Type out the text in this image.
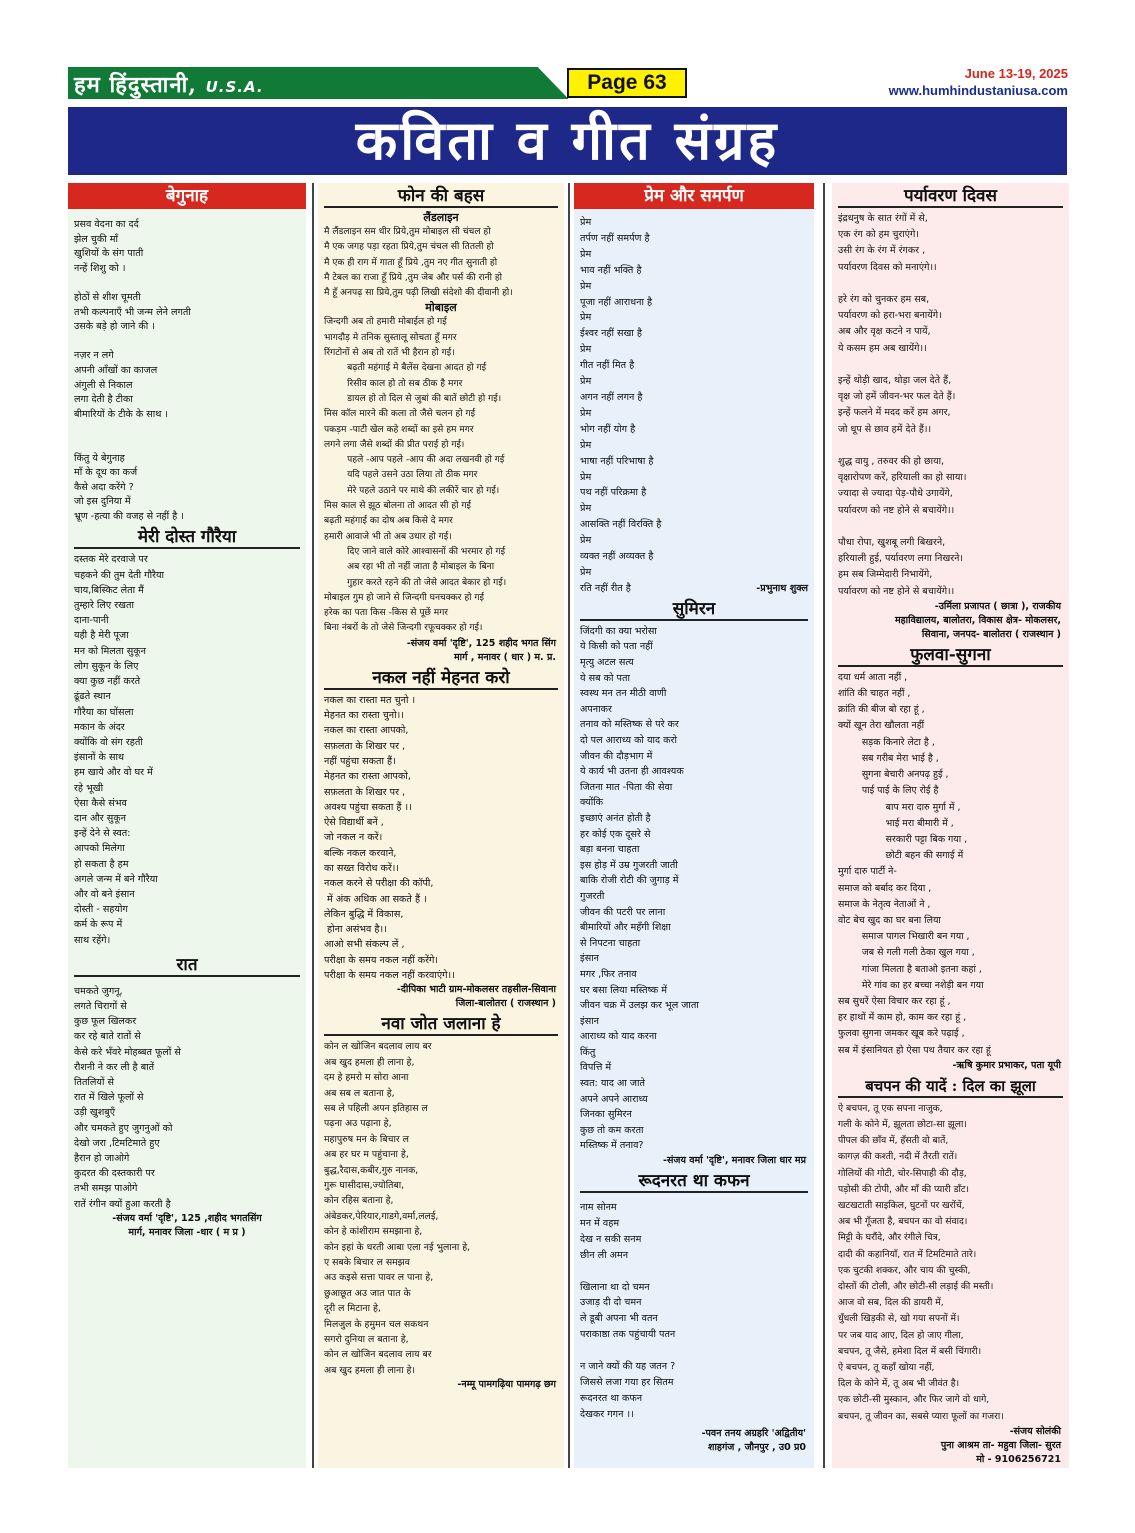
हम हिंदुस्तानी, U.S.A.	Page 63	June 13-19, 2025
www.humhindustaniusa.com
कविता व गीत संग्रह
बेगुनाह
प्रसव वेदना का दर्द
झेल चुकी माँ
खुशियों के संग पाती
नन्हें शिशु को ।

होठों से शीश चूमती
तभी कल्पनाएँ भी जन्म लेने लगती
उसके बड़े हो जाने की ।

नज़र न लगे
अपनी आँखों का काजल
अंगुली से निकाल
लगा देती है टीका
बीमारियों के टीके के साथ ।

किंतु ये बेगुनाह
माँ के दूध का कर्ज
कैसे अदा करेंगे ?
जो इस दुनिया में
भ्रूण -हत्या की वजह से नहीं है ।
मेरी दोस्त गौरैया
दस्तक मेरे दरवाजे पर
चहकने की तुम देती गौरैया
चाय,बिस्किट लेता मैं
तुम्हारे लिए रखता
दाना-पानी
यही है मेरी पूजा
मन को मिलता सुकून
लोग सुकून के लिए
क्या कुछ नहीं करते
ढूंढते स्थान
गौरैया का घोंसला
मकान के अंदर
क्योंकि वो संग रहती
इंसानों के साथ
हम खाये और वो घर में
रहे भूखी
ऐसा कैसे संभव
दान और सुकून
इन्हें देने से स्वत:
आपको मिलेगा
हो सकता है हम
अगले जन्म में बने गौरैया
और वो बने इंसान
दोस्ती - सहयोग
कर्म के रूप में
साथ रहेंगे।
रात
चमकते जुगनू,
लगते चिरागों से
कुछ फूल खिलकर
कर रहे बाते रातों से
केसे करे भँवरे मोहब्बत फूलों से
रौशनी ने कर ली है बातें
तितलियों से
रात में खिले फूलों से
उड़ी खुशबुएँ
और चमकते हुए जुगनुओं को
देखो जरा ,टिमटिमाते हुए
हैरान हो जाओगे
कुदरत की दस्तकारी पर
तभी समझ पाओगे
रातें रंगीन क्यों हुआ करती है
-संजय वर्मा 'दृष्टि', 125 ,शहीद भगतसिंग
मार्ग, मनावर जिला -धार ( म प्र )
फोन की बहस
लैंडलाइन
मै लैंडलाइन सम धीर प्रिये,तुम मोबाइल सी चंचल हो
मै एक जगह पड़ा रहता प्रिये,तुम चंचल सी तितली हो
मै एक ही राग में गाता हूँ प्रिये ,तुम नए गीत सुनाती हो
मै टेबल का राजा हूँ प्रिये ,तुम जेब और पर्स की रानी हो
मै हूँ अनपढ़ सा प्रिये,तुम पढ़ी लिखी संदेशो की दीवानी हो।
मोबाइल
जिन्दगी अब तो हमारी मोबाईल हो गई
भागदौड़ मे तनिक सुस्तालू सोचता हूँ मगर
रिंगटोनों से अब तो रातें भी हैरान हो गई।
बढ़ती महंगाई मे बैलेंस देखना आदत हो गई
रिसीव काल हो तो सब ठीक है मगर
डायल हो तो दिल से जुबां की बातें छोटी हो गई।
मिस कॉल मारने की कला तो जैसे चलन हो गई
पकड़म -पाटी खेल कहे शब्दों का इसे हम मगर
लगने लगा जैसे शब्दों की प्रीत पराई हो गई।
पहले -आप पहले -आप की अदा लखनवी हो गई
यदि पहले उसने उठा लिया तो ठीक मगर
मेरे पहले उठाने पर माथे की लकीरें चार हो गई।
मिस काल से झूठ बोलना तो आदत सी हो गई
बढ़ती महंगाई का दोष अब किसे दे मगर
हमारी आवाजे भी तो अब उधार हो गई।
दिए जाने वाले कोरे आश्वासनों की भरमार हो गई
अब रहा भी तो नहीं जाता है मोबाइल के बिना
गुहार करते रहने की तो जेसे आदत बेकार हो गई।
मोबाइल गुम हो जाने से जिन्दगी घनचक्कर हो गई
हरेक का पता किस -किस से पूछें मगर
बिना नंबरों के तो जेसे जिन्दगी रफूचक्कर हो गई।
-संजय वर्मा 'दृष्टि', 125 शहीद भगत सिंग
मार्ग , मनावर ( धार ) म. प्र.
नकल नहीं मेहनत करो
नकल का रास्ता मत चुनो ।
मेहनत का रास्ता चुनो।।
नकल का रास्ता आपको,
सफ़लता के शिखर पर ,
नहीं पहुंचा सकता हैं।
मेहनत का रास्ता आपको,
सफ़लता के शिखर पर ,
अवश्य पहुंचा सकता हैं ।।
ऐसे विद्यार्थी बनें ,
जो नकल न करें।
बल्कि नकल करवाने,
का सख्त विरोध करें।।
नकल करने से परीक्षा की कॉपी,
में अंक अधिक आ सकते हैं ।
लेकिन बुद्धि में विकास,
होना असंभव है।।
आओ सभी संकल्प लें ,
परीक्षा के समय नकल नहीं करेंगे।
परीक्षा के समय नकल नहीं करवाएंगे।।
-दीपिका भाटी ग्राम-मोकलसर तहसील-सिवाना
जिला-बालोतरा ( राजस्थान )
नवा जोत जलाना हे
कोन ल खोजिन बदलाव लाय बर
अब खुद हमला ही लाना हे,
दम हे हमरो म सोरा आना
अब सब ल बताना हे,
सब ले पहिली अपन इतिहास ल
पढ़ना अउ पढ़ाना हे,
महापुरुष मन के बिचार ल
अब हर घर म पहुंचाना हे,
बुद्ध,रैदास,कबीर,गुरु नानक,
गुरू घासीदास,ज्योतिबा,
कोन रहिस बताना हे,
अंबेडकर,पेरियार,गाडगे,वर्मा,ललई,
कोन हे कांशीराम समझाना हे,
कोन इहां के धरती आबा एला नई भुलाना हे,
ए सबके बिचार ल समझव
अउ कइसे सत्ता पावर ल पाना हे,
छुआछूत अउ जात पात के
दूरी ल मिटाना हे,
मिलजुल के हमुमन चल सकथन
सगरो दुनिया ल बताना हे,
कोन ल खोजिन बदलाव लाय बर
अब खुद हमला ही लाना हे।
-नम्मू पामगढ़िया पामगढ़ छग
प्रेम और समर्पण
प्रेम
तर्पण नहीं समर्पण है
प्रेम
भाव नहीं भक्ति है
प्रेम
पूजा नहीं आराधना है
प्रेम
ईश्वर नहीं सखा है
प्रेम
गीत नहीं मित है
प्रेम
अगन नहीं लगन है
प्रेम
भोग नहीं योग है
प्रेम
भाषा नहीं परिभाषा है
प्रेम
पथ नहीं परिक्रमा है
प्रेम
आसक्ति नहीं विरक्ति है
प्रेम
व्यक्त नहीं अव्यक्त है
प्रेम
रति नहीं रीत है	-प्रभुनाथ शुक्ल
सुमिरन
जिंदगी का क्या भरोसा
ये किसी को पता नहीं
मृत्यु अटल सत्य
ये सब को पता
स्वस्थ मन तन मीठी वाणी
अपनाकर
तनाव को मस्तिष्क से परे कर
दो पल आराध्य को याद करो
जीवन की दौड़भाग में
ये कार्य भी उतना ही आवश्यक
जितना मात -पिता की सेवा
क्योंकि
इच्छाएं अनंत होती है
हर कोई एक दूसरे से
बड़ा बनना चाहता
इस होड़ में उम्र गुजरती जाती
बाकि रोजी रोटी की जुगाड़ में
गुजरती
जीवन की पटरी पर लाना
बीमारियों और महँगी शिक्षा
से निपटना चाहता
इंसान
मगर ,फिर तनाव
घर बसा लिया मस्तिष्क में
जीवन चक्र में उलझ कर भूल जाता
इंसान
आराध्य को याद करना
किंतु
विपत्ति में
स्वत: याद आ जाते
अपने अपने आराध्य
जिनका सुमिरन
कुछ तो कम करता
मस्तिष्क में तनाव?
-संजय वर्मा 'दृष्टि', मनावर जिला धार मप्र
रूदनरत था कफन
नाम सोनम
मन में वहम
देख न सकी सनम
छीन ली अमन

खिलाना था दो चमन
उजाड़ दी दो चमन
ले डूबी अपना भी वतन
पराकाष्ठा तक पहुंचायी पतन

न जाने क्यों की यह जतन ?
जिससे लजा गया हर सितम
रूदनरत था कफन
देखकर गगन ।।
-पवन तनय अग्रहरि 'अद्वितीय'
शाहगंज , जौनपुर , उ0 प्र0
पर्यावरण दिवस
इंद्रधनुष के सात रंगों में से,
एक रंग को हम चुराएंगे।
उसी रंग के रंग में रंगकर ,
पर्यावरण दिवस को मनाएंगे।।

हरे रंग को चुनकर हम सब,
पर्यावरण को हरा-भरा बनायेंगे।
अब और वृक्ष कटने न पायें,
ये कसम हम अब खायेंगे।।

इन्हें थोड़ी खाद, थोड़ा जल देते हैं,
वृक्ष जो हमें जीवन-भर फल देते हैं।
इन्हें फलने में मदद करें हम अगर,
जो धूप से छाव हमें देते हैं।।

शुद्ध वायु , तरुवर की हो छाया,
वृक्षारोपण करें, हरियाली का हो साया।
ज्यादा से ज्यादा पेड़-पौधे उगायेंगे,
पर्यावरण को नष्ट होने से बचायेंगे।।

पौधा रोपा, खुशबू लगी बिखरने,
हरियाली हुई, पर्यावरण लगा निखरने।
हम सब जिम्मेदारी निभायेंगे,
पर्यावरण को नष्ट होने से बचायेंगे।।
-उर्मिला प्रजापत ( छात्रा ), राजकीय
महाविद्यालय, बालोतरा, विकास क्षेत्र- मोकलसर,
सिवाना, जनपद- बालोतरा ( राजस्थान )
फुलवा-सुगना
दया धर्म आता नहीं ,
शांति की चाहत नहीं ,
क्रांति की बीज बो रहा हूं ,
क्यों खून तेरा खौलता नहीं
सड़क किनारे लेटा है ,
सब गरीब मेरा भाई है ,
सुगना बेचारी अनपढ़ हुई ,
पाई पाई के लिए रोई है
बाप मरा दारु मुर्गा में ,
भाई मरा बीमारी में ,
सरकारी पट्टा बिक गया ,
छोटी बहन की सगाई में
मुर्गा दारु पार्टी ने-
समाज को बर्बाद कर दिया ,
समाज के नेतृत्व नेताओं ने ,
वोट बेच खुद का घर बना लिया
समाज पागल भिखारी बन गया ,
जब से गली गली ठेका खुल गया ,
गांजा मिलता है बताओ इतना कहां ,
मेरे गांव का हर बच्चा नशेड़ी बन गया
सब सुधरें ऐसा विचार कर रहा हूं ,
हर हाथों में काम हो, काम कर रहा हूं ,
फुलवा सुगना जमकर खूब करे पढ़ाई ,
सब में इंसानियत हो ऐसा पथ तैयार कर रहा हूं
-ऋषि कुमार प्रभाकर, पता यूपी
बचपन की यादें : दिल का झूला
ऐ बचपन, तू एक सपना नाजुक,
गली के कोने में, झूलता छोटा-सा झूला।
पीपल की छाँव में, हँसती वो बातें,
कागज़ की कश्ती, नदी में तैरती रातें।
गोलियों की गोटी, चोर-सिपाही की दौड़,
पड़ोसी की टोपी, और माँ की प्यारी डाँट।
खटखटाती साइकिल, घुटनों पर खरोंचें,
अब भी गूँजता है, बचपन का वो संवाद।
मिट्टी के घरौंदे, और रंगीले चित्र,
दादी की कहानियाँ, रात में टिमटिमाते तारे।
एक चुटकी शक्कर, और चाय की चुस्की,
दोस्तों की टोली, और छोटी-सी लड़ाई की मस्ती।
आज वो सब, दिल की डायरी में,
धुँधली खिड़की से, खो गया सपनों में।
पर जब याद आए, दिल हो जाए गीला,
बचपन, तू जैसे, हमेशा दिल में बसी चिंगारी।
ऐ बचपन, तू कहाँ खोया नहीं,
दिल के कोने में, तू अब भी जीवंत है।
एक छोटी-सी मुस्कान, और फिर जागे वो धागे,
बचपन, तू जीवन का, सबसे प्यारा फूलों का गजरा।
-संजय सोलंकी
पुना आश्रम ता- महुवा जिला- सुरत
मो - 9106256721
